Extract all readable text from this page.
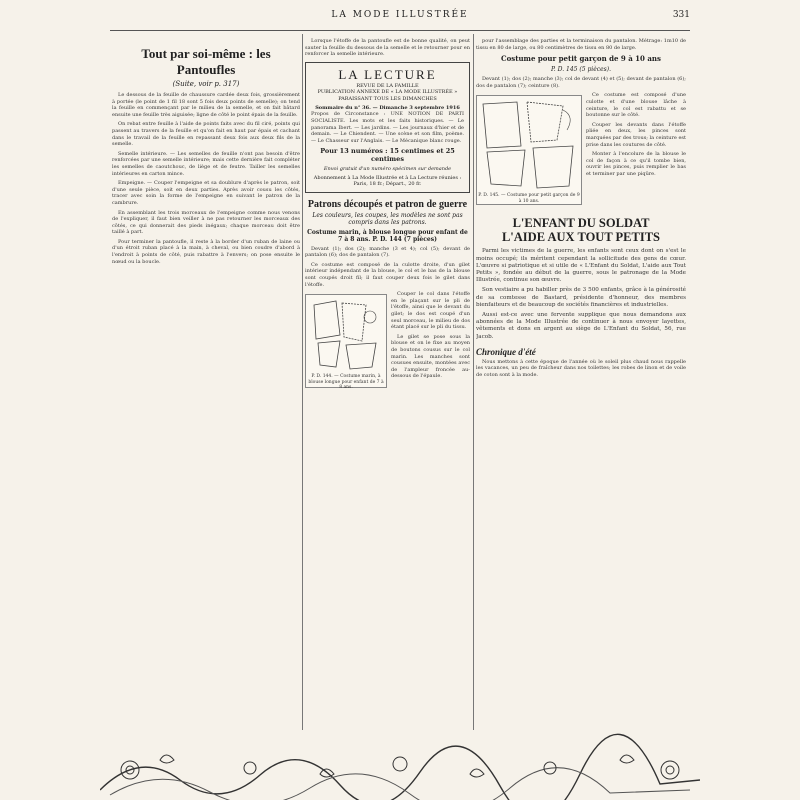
LA MODE ILLUSTRÉE	331
Tout par soi-même : les Pantoufles
(Suite, voir p. 317)

Le dessous de la feuille de chaussure cardée deux fois, grossièrement à portée (le point de 1 fil 18 sont 5 fois deux points de semelle); on tend la feuille en commençant par le milieu de la semelle, et on fait bâtard ensuite une feuille très aiguisée; ligne de côté le point épais de la feuille.

On rebat entre feuille à l'aide de points faits avec du fil ciré, points qui passent au travers de la feuille et qu'on fait en haut par épais et cachant dans le travail de la feuille en repassant deux fois aux deux fils de la semelle.

Semelle intérieure. — Les semelles de feuille n'ont pas besoin d'être renforcées par une semelle intérieure; mais cette dernière fait compléter les semelles de caoutchouc, de liège et de feutre. Tailler les semelles intérieures en carton mince.

Empeigne. — Couper l'empeigne et sa doublure d'après le patron, soit d'une seule pièce, soit en deux parties. Après avoir cousu les côtés, tracer avec soin la forme de l'empeigne en suivant le patron de la cambrure.

En assemblant les trois morceaux de l'empeigne comme nous venons de l'expliquer, il faut bien veiller à ne pas retourner les morceaux des côtés, ce qui donnerait des pieds inégaux; chaque morceau doit être taillé à part.

Pour terminer la pantoufle, il reste à la border d'un ruban de laine ou d'un étroit ruban placé à la main, à cheval, ou bien coudre d'abord à l'endroit à points de côté, puis rabattre à l'envers; on pose ensuite le nœud ou la boucle.

Lorsque l'étoffe de la pantoufle est de bonne qualité, on peut sauter la feuille du dessous de la semelle et le retourner pour en renforcer la semelle intérieure.

LA LECTURE
REVUE DE LA FAMILLE
PUBLICATION ANNEXE DE « LA MODE ILLUSTRÉE »
PARAISSANT TOUS LES DIMANCHES
Sommaire du n° 36. — Dimanche 3 septembre 1916

Propos de Circonstance : UNE NOTION DE PARTI SOCIALISTE. Les mots et les faits historiques. — Le panorama Ibert. — Les jardins. — Les journaux d'hier et de demain. — Le Chiendent. — Une scène et son film, poème. — Le Chasseur sur l'Anglais. — Le Mécanique blanc rouge.

Pour 13 numéros : 15 centimes et 25 centimes
Envoi gratuit d'un numéro spécimen sur demande
Abonnement à La Mode Illustrée et à La Lecture réunies : Paris, 18 fr.; Départ., 20 fr.
Patrons découpés et patron de guerre
Les couleurs, les coupes, les modèles ne sont pas compris dans les patrons.
Costume marin, à blouse longue pour enfant de 7 à 8 ans. P. D. 144 (7 pièces)

Devant (1); dos (2); manche (3 et 4); col (5); devant de pantalon (6); dos de pantalon (7).

Ce costume est composé de la culotte droite, d'un gilet intérieur indépendant de la blouse, le col et le bas de la blouse sont coupés droit fil; il faut couper deux fois le gilet dans l'étoffe.

P. D. 144. — Costume marin, à blouse longue pour enfant de 7 à 8 ans.

Couper le col dans l'étoffe en le plaçant sur le pli de l'étoffe, ainsi que le devant du gilet; le dos est coupé d'un seul morceau, le milieu de dos étant placé sur le pli du tissu.

Le gilet se pose sous la blouse et on le fixe au moyen de boutons cousus sur le col marin. Les manches sont cousues ensuite, montées avec de l'ampleur froncée au-dessous de l'épaule.

pour l'assemblage des parties et la terminaison du pantalon. Métrage: 1m10 de tissu en 80 de large, ou 80 centimètres de tissu en 80 de large.

Costume pour petit garçon de 9 à 10 ans
P. D. 145 (5 pièces).

Devant (1); dos (2); manche (3); col de devant (4) et (5); devant de pantalon (6); dos de pantalon (7); ceinture (8).

P. D. 145. — Costume pour petit garçon de 9 à 10 ans.

Ce costume est composé d'une culotte et d'une blouse lâche à ceinture, le col est rabattu et se boutonne sur le côté.

Couper les devants dans l'étoffe pliée en deux, les pinces sont marquées par des trous; la ceinture est prise dans les coutures de côté.

Monter à l'encolure de la blouse le col de façon à ce qu'il tombe bien, ouvrir les pinces, puis remplier le bas et terminer par une piqûre.

L'ENFANT DU SOLDAT
L'AIDE AUX TOUT PETITS

Parmi les victimes de la guerre, les enfants sont ceux dont on s'est le moins occupé; ils méritent cependant la sollicitude des gens de cœur. L'œuvre si patriotique et si utile de « L'Enfant du Soldat, L'aide aux Tout Petits », fondée au début de la guerre, sous le patronage de la Mode Illustrée, continue son œuvre.

Son vestiaire a pu habiller près de 3 500 enfants, grâce à la générosité de sa comtesse de Bastard, présidente d'honneur, des membres bienfaiteurs et de beaucoup de sociétés financières et industrielles.

Aussi est-ce avec une fervente supplique que nous demandons aux abonnées de la Mode Illustrée de continuer à nous envoyer layettes, vêtements et dons en argent au siège de L'Enfant du Soldat, 56, rue Jacob.

Chronique d'été

Nous mettons à cette époque de l'année où le soleil plus chaud nous rappelle les vacances, un peu de fraîcheur dans nos toilettes; les robes de linon et de voile de coton sont à la mode.
